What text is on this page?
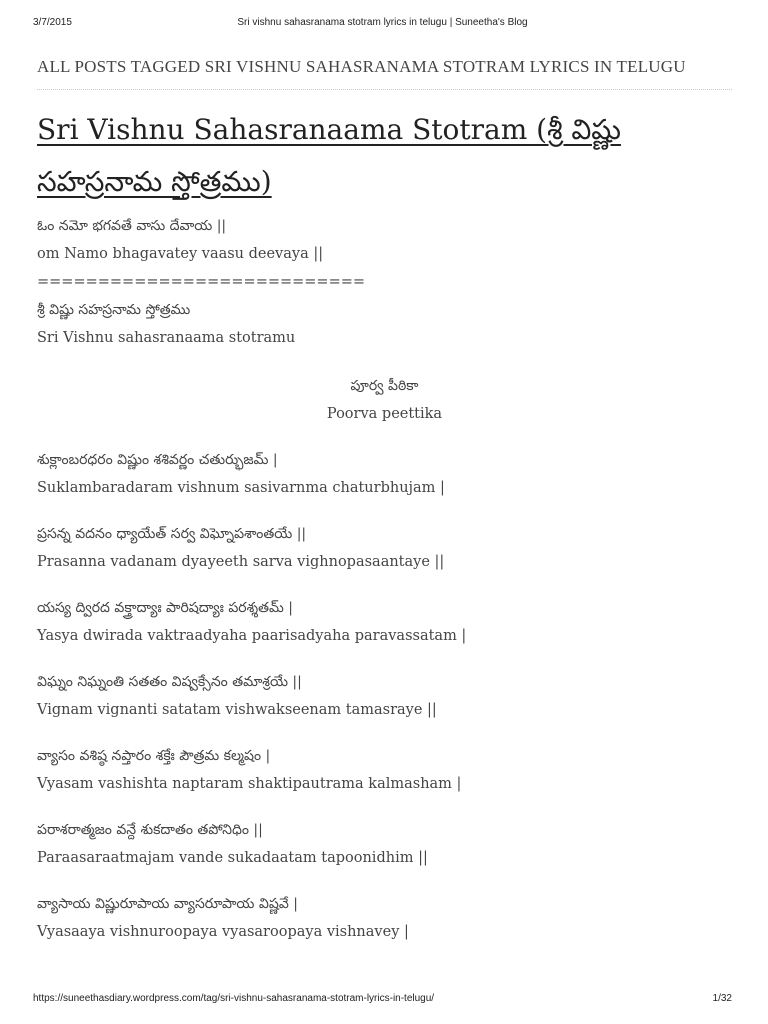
3/7/2015	Sri vishnu sahasranama stotram lyrics in telugu | Suneetha's Blog
ALL POSTS TAGGED SRI VISHNU SAHASRANAMA STOTRAM LYRICS IN TELUGU
Sri Vishnu Sahasranaama Stotram (శ్రీ విష్ణు సహస్రనామ స్తోత్రము)
ఓం నమో భగవతే వాసు దేవాయ ||
om Namo bhagavatey vaasu deevaya ||
===========================
శ్రీ విష్ణు సహస్రనామ స్తోత్రము
Sri Vishnu sahasranaama stotramu
పూర్వ పీఠికా
Poorva peettika
శుక్లాంబరధరం విష్ణుం శశివర్ణం చతుర్భుజమ్ |
Suklambaradaram vishnum sasivarnma chaturbhujam |
ప్రసన్న వదనం ధ్యాయేత్ సర్వ విఘ్నోపశాంతయే ||
Prasanna vadanam dyayeeth sarva vighnopasaantaye ||
యస్య ద్విరద వక్త్రాద్యాః పారిషద్యాః పరశ్శతమ్ |
Yasya dwirada vaktraadyaha paarisadyaha paravassatam |
విఘ్నం నిఘ్నంతి సతతం విష్వక్సేనం తమాశ్రయే ||
Vignam vignanti satatam vishwakseenam tamasraye ||
వ్యాసం వశిష్ఠ నప్తారం శక్తేః పౌత్రమ కల్మషం |
Vyasam vashishta naptaram shaktipautrama kalmasham |
పరాశరాత్మజం వన్దే శుకదాతం తపోనిధిం ||
Paraasaraatmajam vande sukadaatam tapoonidhim ||
వ్యాసాయ విష్ణురూపాయ వ్యాసరూపాయ విష్ణవే |
Vyasaaya vishnuroopaya vyasaroopaya vishnavey |
https://suneethasdiary.wordpress.com/tag/sri-vishnu-sahasranama-stotram-lyrics-in-telugu/	1/32
